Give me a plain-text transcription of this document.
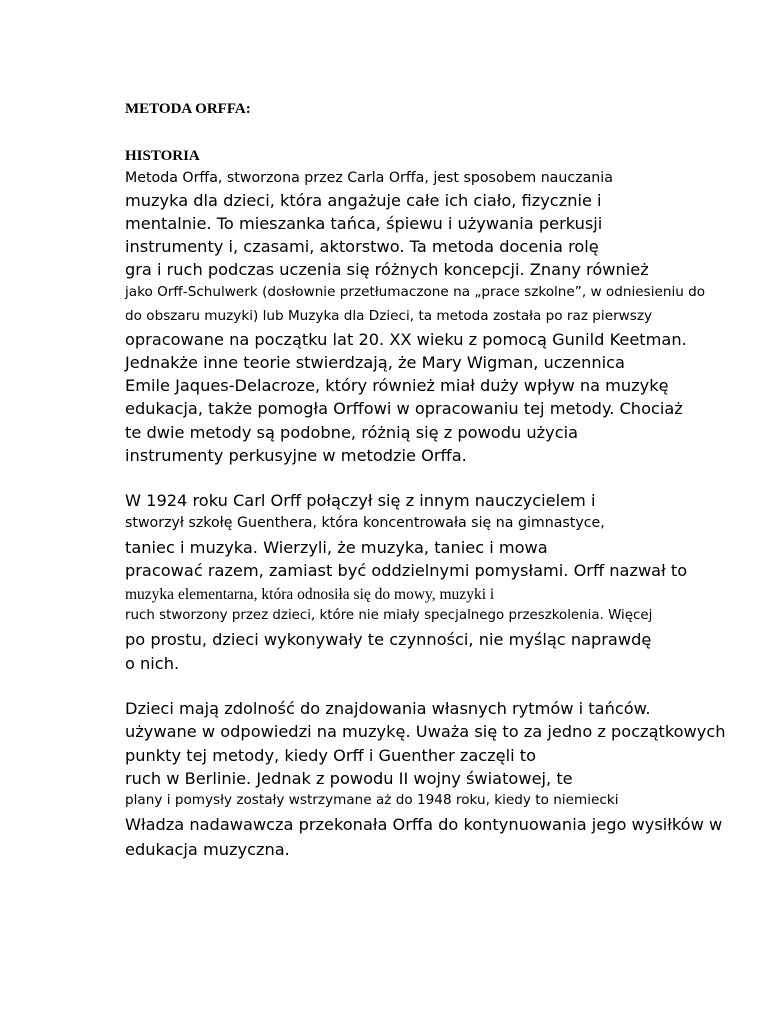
METODA ORFFA:
HISTORIA
Metoda Orffa, stworzona przez Carla Orffa, jest sposobem nauczania
muzyka dla dzieci, która angażuje całe ich ciało, fizycznie i
mentalnie. To mieszanka tańca, śpiewu i używania perkusji
instrumenty i, czasami, aktorstwo. Ta metoda docenia rolę
gra i ruch podczas uczenia się różnych koncepcji. Znany również
jako Orff-Schulwerk (dosłownie przetłumaczone na „prace szkolne”, w odniesieniu do
do obszaru muzyki) lub Muzyka dla Dzieci, ta metoda została po raz pierwszy
opracowane na początku lat 20. XX wieku z pomocą Gunild Keetman.
Jednakże inne teorie stwierdzają, że Mary Wigman, uczennica
Emile Jaques-Delacroze, który również miał duży wpływ na muzykę
edukacja, także pomogła Orffowi w opracowaniu tej metody. Chociaż
te dwie metody są podobne, różnią się z powodu użycia
instrumenty perkusyjne w metodzie Orffa.
W 1924 roku Carl Orff połączył się z innym nauczycielem i
stworzył szkołę Guenthera, która koncentrowała się na gimnastyce,
taniec i muzyka. Wierzyli, że muzyka, taniec i mowa
pracować razem, zamiast być oddzielnymi pomysłami. Orff nazwał to
muzyka elementarna, która odnosiła się do mowy, muzyki i
ruch stworzony przez dzieci, które nie miały specjalnego przeszkolenia. Więcej
po prostu, dzieci wykonywały te czynności, nie myśląc naprawdę
o nich.
Dzieci mają zdolność do znajdowania własnych rytmów i tańców.
używane w odpowiedzi na muzykę. Uważa się to za jedno z początkowych
punkty tej metody, kiedy Orff i Guenther zaczęli to
ruch w Berlinie. Jednak z powodu II wojny światowej, te
plany i pomysły zostały wstrzymane aż do 1948 roku, kiedy to niemiecki
Władza nadawawcza przekonała Orffa do kontynuowania jego wysiłków w
edukacja muzyczna.
